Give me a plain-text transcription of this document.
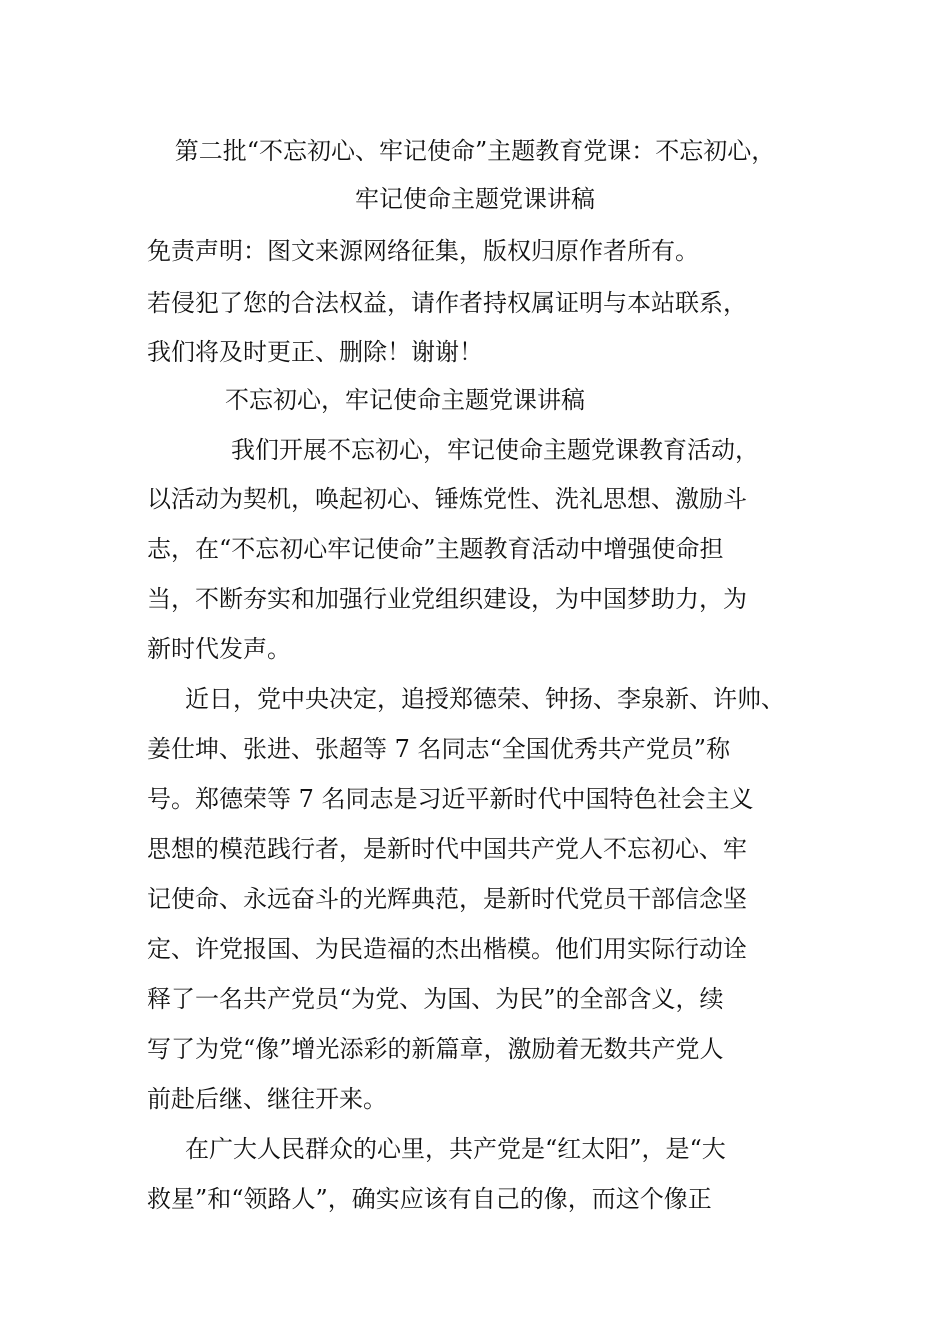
第二批“不忘初心、牢记使命”主题教育党课：不忘初心，
牢记使命主题党课讲稿
免责声明：图文来源网络征集，版权归原作者所有。
若侵犯了您的合法权益，请作者持权属证明与本站联系，
我们将及时更正、删除！谢谢！
不忘初心，牢记使命主题党课讲稿
我们开展不忘初心，牢记使命主题党课教育活动，
以活动为契机，唤起初心、锤炼党性、洗礼思想、激励斗
志，在“不忘初心牢记使命”主题教育活动中增强使命担
当，不断夯实和加强行业党组织建设，为中国梦助力，为
新时代发声。
近日，党中央决定，追授郑德荣、钟扬、李泉新、许帅、
姜仕坤、张进、张超等 7 名同志“全国优秀共产党员”称
号。郑德荣等 7 名同志是习近平新时代中国特色社会主义
思想的模范践行者，是新时代中国共产党人不忘初心、牢
记使命、永远奋斗的光辉典范，是新时代党员干部信念坚
定、许党报国、为民造福的杰出楷模。他们用实际行动诠
释了一名共产党员“为党、为国、为民”的全部含义，续
写了为党“像”增光添彩的新篇章，激励着无数共产党人
前赴后继、继往开来。
在广大人民群众的心里，共产党是“红太阳”，是“大
救星”和“领路人”，确实应该有自己的像，而这个像正
